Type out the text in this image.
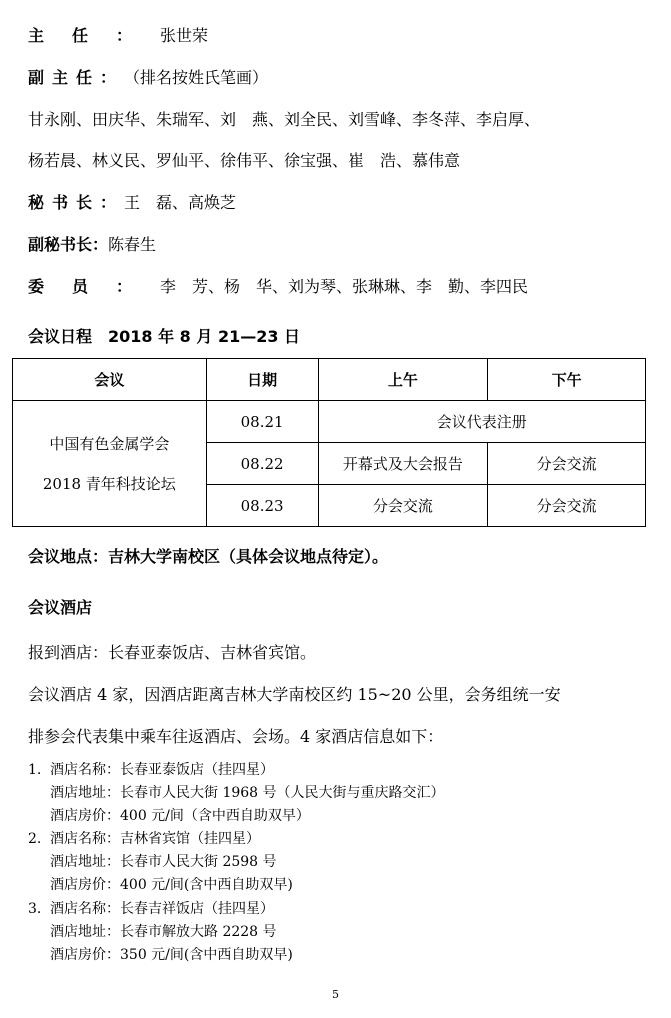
主任：张世荣
副主任：（排名按姓氏笔画）
甘永刚、田庆华、朱瑞军、刘　燕、刘全民、刘雪峰、李冬萍、李启厚、
杨若晨、林义民、罗仙平、徐伟平、徐宝强、崔　浩、慕伟意
秘书长：王　磊、高焕芝
副秘书长：陈春生
委员：李　芳、杨　华、刘为琴、张琳琳、李　勤、李四民
会议日程　2018 年 8 月 21—23 日
会议	日期	上午	下午

中国有色金属学会
2018 青年科技论坛	08.21	会议代表注册	
	08.22	开幕式及大会报告	分会交流
	08.23	分会交流	分会交流
会议地点：吉林大学南校区（具体会议地点待定）。
会议酒店
报到酒店：长春亚泰饭店、吉林省宾馆。
会议酒店 4 家，因酒店距离吉林大学南校区约 15~20 公里，会务组统一安
排参会代表集中乘车往返酒店、会场。4 家酒店信息如下：
1. 酒店名称：长春亚泰饭店（挂四星）
酒店地址：长春市人民大街 1968 号（人民大街与重庆路交汇）
酒店房价：400 元/间（含中西自助双早）
2. 酒店名称：吉林省宾馆（挂四星）
酒店地址：长春市人民大街 2598 号
酒店房价：400 元/间(含中西自助双早)
3. 酒店名称：长春吉祥饭店（挂四星）
酒店地址：长春市解放大路 2228 号
酒店房价：350 元/间(含中西自助双早)
5
